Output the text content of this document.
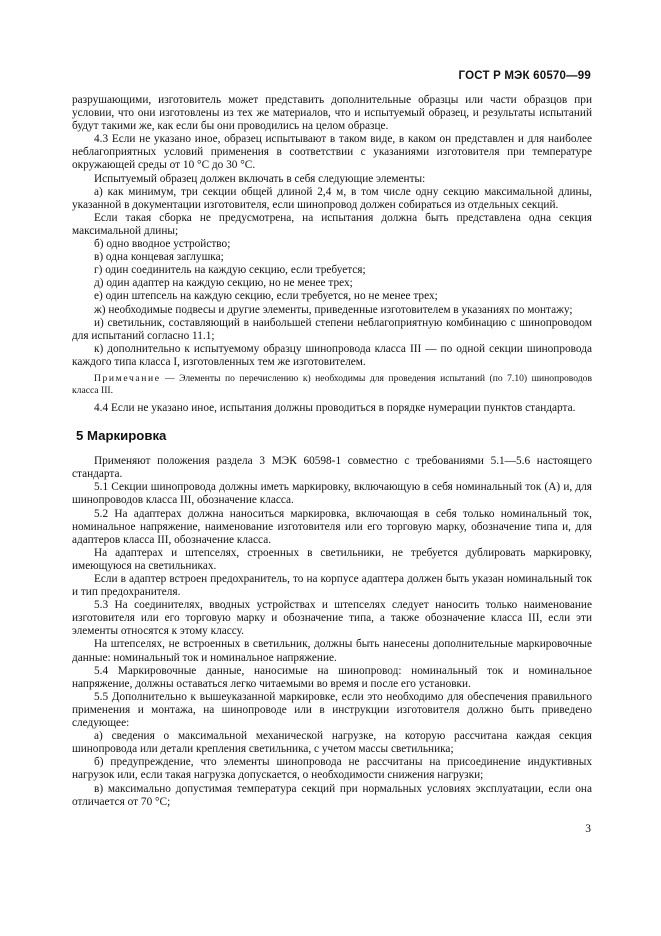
ГОСТ Р МЭК 60570—99

разрушающими, изготовитель может представить дополнительные образцы или части образцов при условии, что они изготовлены из тех же материалов, что и испытуемый образец, и результаты испытаний будут такими же, как если бы они проводились на целом образце.

4.3 Если не указано иное, образец испытывают в таком виде, в каком он представлен и для наиболее неблагоприятных условий применения в соответствии с указаниями изготовителя при температуре окружающей среды от 10 °С до 30 °С.

Испытуемый образец должен включать в себя следующие элементы:

а) как минимум, три секции общей длиной 2,4 м, в том числе одну секцию максимальной длины, указанной в документации изготовителя, если шинопровод должен собираться из отдельных секций.

Если такая сборка не предусмотрена, на испытания должна быть представлена одна секция максимальной длины;

б) одно вводное устройство;

в) одна концевая заглушка;

г) один соединитель на каждую секцию, если требуется;

д) один адаптер на каждую секцию, но не менее трех;

е) один штепсель на каждую секцию, если требуется, но не менее трех;

ж) необходимые подвесы и другие элементы, приведенные изготовителем в указаниях по монтажу;

и) светильник, составляющий в наибольшей степени неблагоприятную комбинацию с шинопроводом для испытаний согласно 11.1;

к) дополнительно к испытуемому образцу шинопровода класса III — по одной секции шинопровода каждого типа класса I, изготовленных тем же изготовителем.

Примечание — Элементы по перечислению к) необходимы для проведения испытаний (по 7.10) шинопроводов класса III.

4.4 Если не указано иное, испытания должны проводиться в порядке нумерации пунктов стандарта.

5 Маркировка

Применяют положения раздела 3 МЭК 60598-1 совместно с требованиями 5.1—5.6 настоящего стандарта.

5.1 Секции шинопровода должны иметь маркировку, включающую в себя номинальный ток (А) и, для шинопроводов класса III, обозначение класса.

5.2 На адаптерах должна наноситься маркировка, включающая в себя только номинальный ток, номинальное напряжение, наименование изготовителя или его торговую марку, обозначение типа и, для адаптеров класса III, обозначение класса.

На адаптерах и штепселях, строенных в светильники, не требуется дублировать маркировку, имеющуюся на светильниках.

Если в адаптер встроен предохранитель, то на корпусе адаптера должен быть указан номинальный ток и тип предохранителя.

5.3 На соединителях, вводных устройствах и штепселях следует наносить только наименование изготовителя или его торговую марку и обозначение типа, а также обозначение класса III, если эти элементы относятся к этому классу.

На штепселях, не встроенных в светильник, должны быть нанесены дополнительные маркировочные данные: номинальный ток и номинальное напряжение.

5.4 Маркировочные данные, наносимые на шинопровод: номинальный ток и номинальное напряжение, должны оставаться легко читаемыми во время и после его установки.

5.5 Дополнительно к вышеуказанной маркировке, если это необходимо для обеспечения правильного применения и монтажа, на шинопроводе или в инструкции изготовителя должно быть приведено следующее:

а) сведения о максимальной механической нагрузке, на которую рассчитана каждая секция шинопровода или детали крепления светильника, с учетом массы светильника;

б) предупреждение, что элементы шинопровода не рассчитаны на присоединение индуктивных нагрузок или, если такая нагрузка допускается, о необходимости снижения нагрузки;

в) максимально допустимая температура секций при нормальных условиях эксплуатации, если она отличается от 70 °С;

3
